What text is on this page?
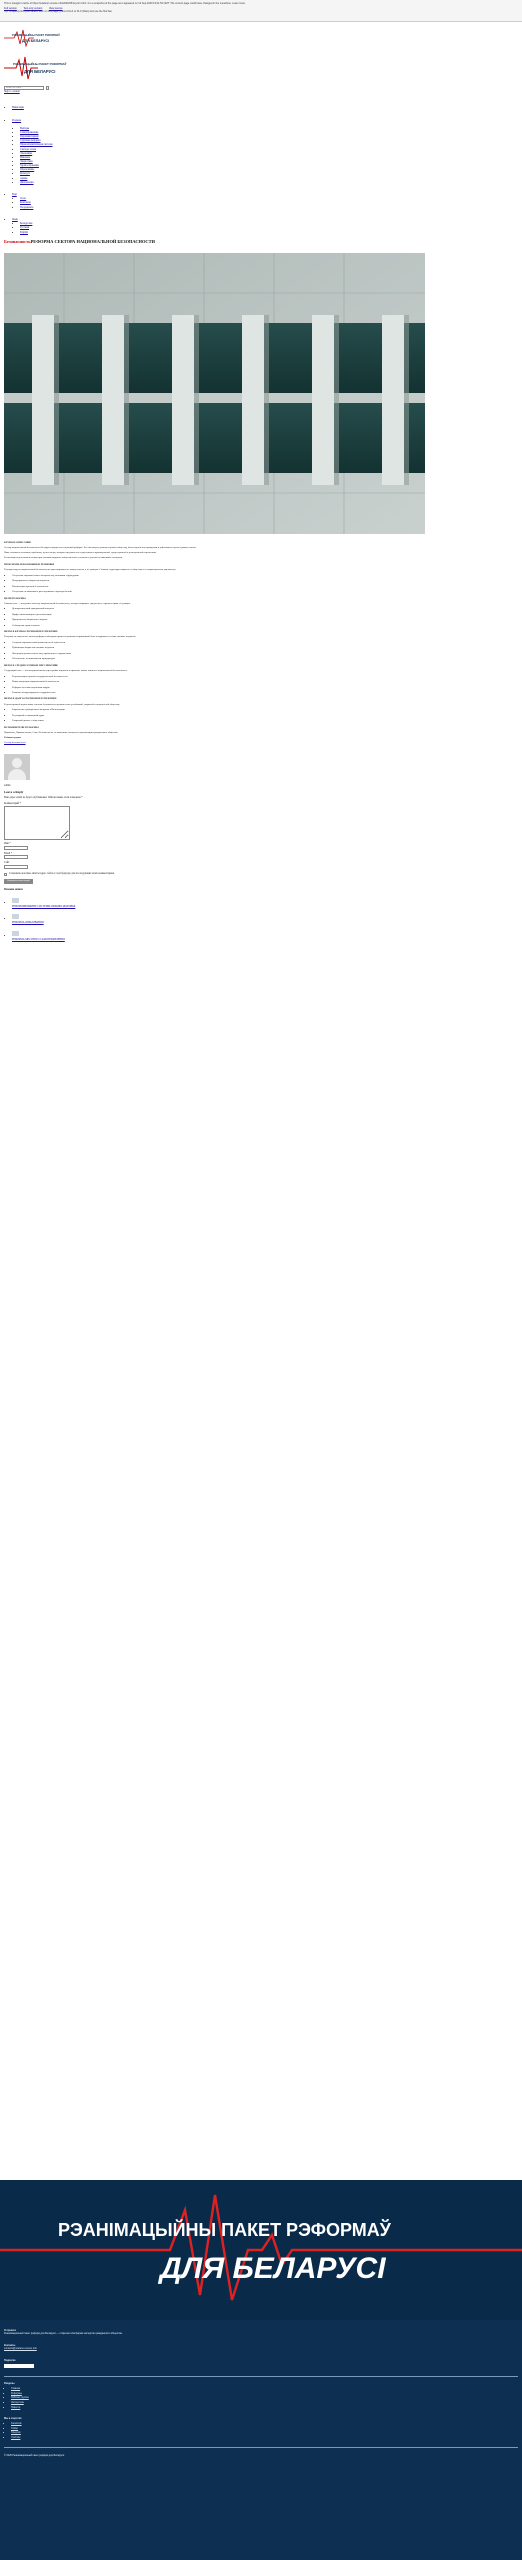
This is Google's cache of https://sdelano-vmeste.info/2020/05/rep-hm.html. It is a snapshot of the page as it appeared on 10 Sep 2020 15:21:53 GMT. The current page could have changed in the meantime. Learn more.
Full version	Text-only version	View source
Tip: To quickly find your search term on this page, press Ctrl+F or ⌘-F (Mac) and use the find bar.
РЭАНІМАЦЫЙНЫ ПАКЕТ РЭФОРМАЎ
ДЛЯ БЕЛАРУСІ
РЭАНІМАЦЫЙНЫ ПАКЕТ РЭФОРМАЎ
ДЛЯ БЕЛАРУСІ
Искать на сайте…
Skip to content
• Навигация
• Разделы
• Выборы
• Самоуправление
• Парламентаризм
• Судебная реформа
• Правоохранительная система
• Свобода слова
• Экономика
• Финансы
• Энергетика
• Здравоохранение
• Образование
• Культура
• Армия
• Дипломатия
• Ещё
• О нас
• Контакты
• Поддержать
• Язык
• Беларуская
• Русский
• English
БезопасностьРЕФОРМА СЕКТОРА НАЦИОНАЛЬНОЙ БЕЗОПАСНОСТИ
КРАТКОЕ ОПИСАНИЕ

Сектор национальной безопасности Беларуси нуждается в глубокой реформе. Его институты должны служить обществу, быть подотчётны гражданам и действовать строго в рамках закона.

Ниже изложены основные проблемы, цели и меры, которые предлагается осуществить в краткосрочной, среднесрочной и долгосрочной перспективе.

Реализация мер возможна только при условии широкого общественного согласия и участия независимых экспертов.

ПРОБЛЕМЫ И ВОЗМОЖНЫЕ РЕШЕНИЯ

Текущая модель национальной безопасности ориентирована на защиту власти, а не граждан. Силовые структуры закрыты от общества и не подконтрольны парламенту.

• Отсутствие парламентского контроля над силовыми структурами
• Непрозрачность бюджетов ведомств
• Политизация органов безопасности
• Отсутствие независимого расследования злоупотреблений
ЦЕЛИ РЕФОРМЫ

Главная цель — построить систему национальной безопасности, которая защищает суверенитет страны и права её граждан.

• Демократический гражданский контроль
• Профессионализация и деполитизация
• Прозрачность бюджетов и закупок
• Соблюдение прав человека
МЕРЫ В КРАТКОСРОЧНОЙ ПЕРСПЕКТИВЕ

В первые месяцы после начала реформ необходимо провести ревизию нормативной базы и кадрового состава силовых ведомств.

• Создание парламентской комиссии по безопасности
• Публикация бюджетов силовых ведомств
• Люстрация должностных лиц, причастных к нарушениям
• Обеспечение независимости прокуратуры
МЕРЫ В СРЕДНЕСРОЧНОЙ ПЕРСПЕКТИВЕ

Следующий этап — институциональная перестройка ведомств и принятие новых законов о национальной безопасности.

• Реорганизация органов государственной безопасности
• Новая концепция национальной безопасности
• Реформа системы подготовки кадров
• Развитие международного сотрудничества
МЕРЫ В ДОЛГОСРОЧНОЙ ПЕРСПЕКТИВЕ

В долгосрочной перспективе система безопасности должна стать устойчивой, открытой и подотчётной обществу.

• Закрепление гражданского контроля в Конституции
• Регулярный независимый аудит
• Открытый диалог с обществом
ИСПОЛНИТЕЛИ РЕФОРМЫ

Парламент, Правительство, Совет Безопасности, независимые эксперты и организации гражданского общества.

Рабочая группа

Сектор безопасности

admin
Leave a Reply

Ваш адрес email не будет опубликован. Обязательные поля помечены *

Комментарий *
Имя *
Email *
Сайт
Сохранить моё имя, email и адрес сайта в этом браузере для последующих моих комментариев.
Отправить комментарий
Похожие записи

• РЕФОРМИРОВАНИЕ СИСТЕМЫ ОХРАНЫ ЗДОРОВЬЯ

• РЕФОРМА ОБРАЗОВАНИЯ

• РЕФОРМА МЕСТНОГО САМОУПРАВЛЕНИЯ
РЭАНІМАЦЫЙНЫ ПАКЕТ РЭФОРМАЎ
ДЛЯ БЕЛАРУСІ
О проекте

Реанимационный пакет реформ для Беларуси — открытая платформа экспертов гражданского общества.

Контакты

contacts@sdelano-vmeste.info

Подписка
Разделы
• Главная
• Реформы
• Рабочие группы
• Экспертиза
• Новости
Мы в соцсетях
• Facebook
• Twitter
• Telegram
• YouTube

© 2020 Реанимационный пакет реформ для Беларуси
